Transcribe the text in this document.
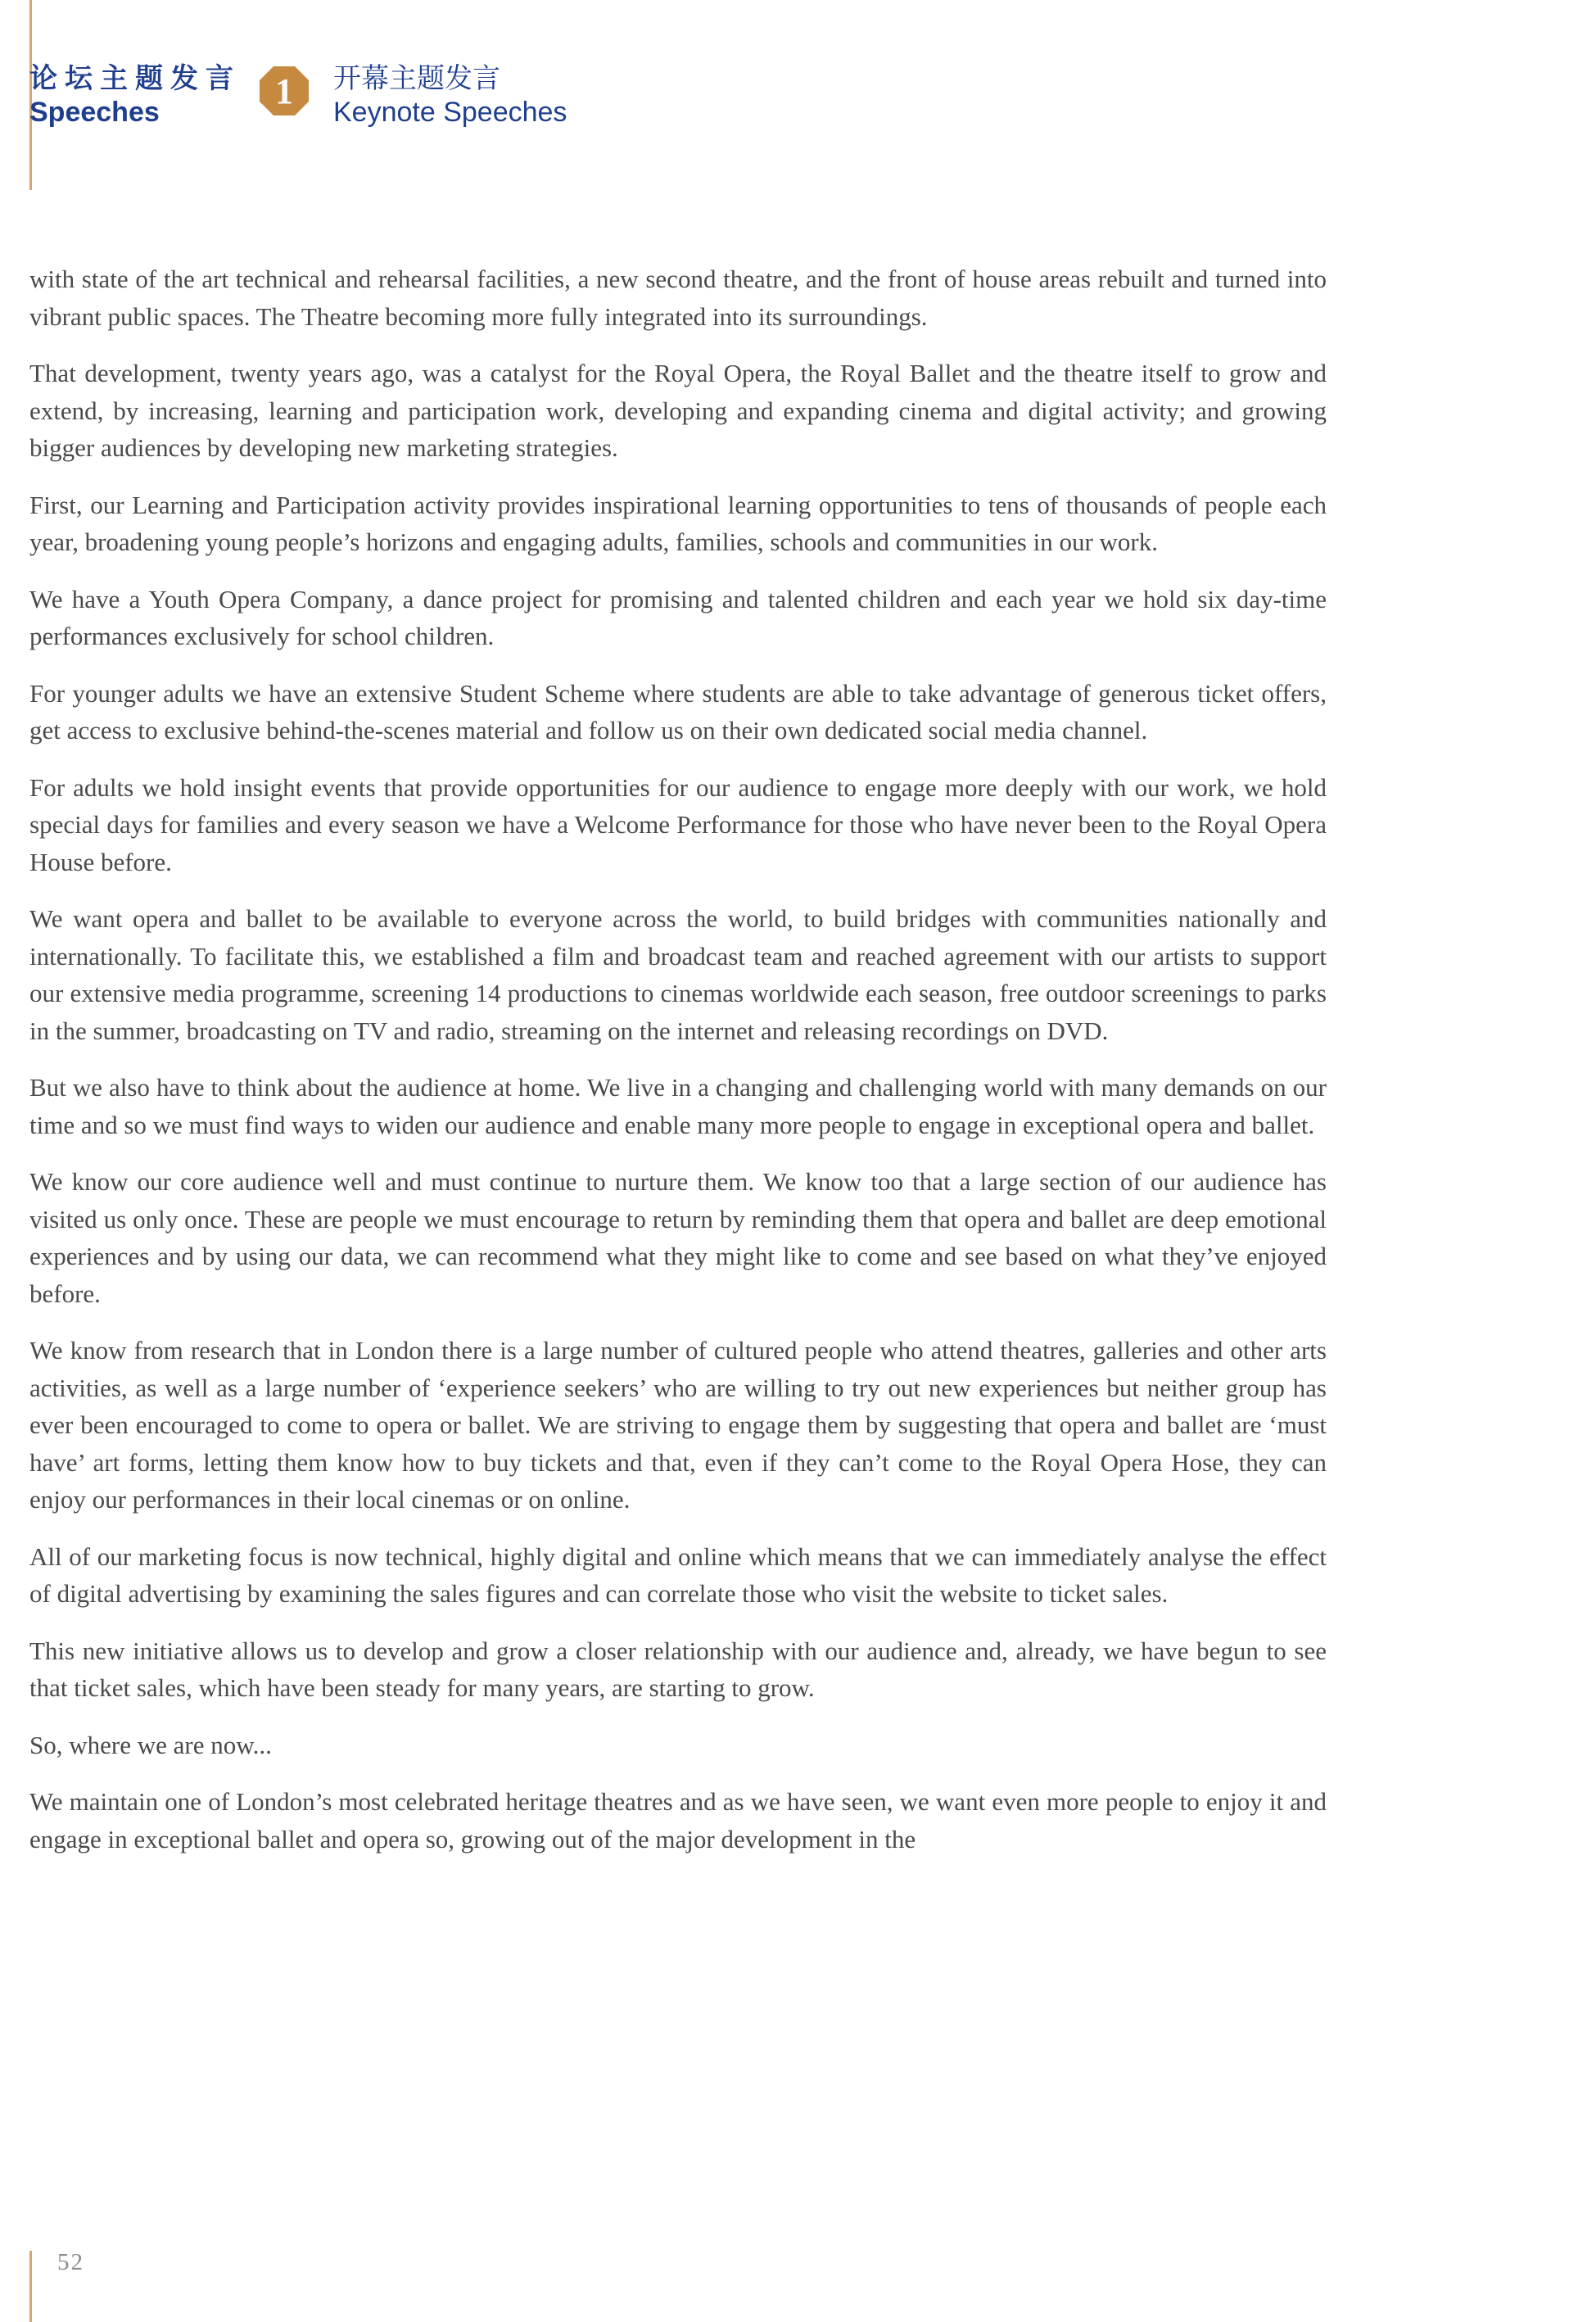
论坛主题发言
Speeches
1 开幕主题发言
Keynote Speeches

with state of the art technical and rehearsal facilities, a new second theatre, and the front of house areas rebuilt and turned into vibrant public spaces. The Theatre becoming more fully integrated into its surroundings.

That development, twenty years ago, was a catalyst for the Royal Opera, the Royal Ballet and the theatre itself to grow and extend, by increasing, learning and participation work, developing and expanding cinema and digital activity; and growing bigger audiences by developing new marketing strategies.

First, our Learning and Participation activity provides inspirational learning opportunities to tens of thousands of people each year, broadening young people’s horizons and engaging adults, families, schools and communities in our work.

We have a Youth Opera Company, a dance project for promising and talented children and each year we hold six day-time performances exclusively for school children.

For younger adults we have an extensive Student Scheme where students are able to take advantage of generous ticket offers, get access to exclusive behind-the-scenes material and follow us on their own dedicated social media channel.

For adults we hold insight events that provide opportunities for our audience to engage more deeply with our work, we hold special days for families and every season we have a Welcome Performance for those who have never been to the Royal Opera House before.

We want opera and ballet to be available to everyone across the world, to build bridges with communities nationally and internationally. To facilitate this, we established a film and broadcast team and reached agreement with our artists to support our extensive media programme, screening 14 productions to cinemas worldwide each season, free outdoor screenings to parks in the summer, broadcasting on TV and radio, streaming on the internet and releasing recordings on DVD.

But we also have to think about the audience at home. We live in a changing and challenging world with many demands on our time and so we must find ways to widen our audience and enable many more people to engage in exceptional opera and ballet.

We know our core audience well and must continue to nurture them. We know too that a large section of our audience has visited us only once. These are people we must encourage to return by reminding them that opera and ballet are deep emotional experiences and by using our data, we can recommend what they might like to come and see based on what they’ve enjoyed before.

We know from research that in London there is a large number of cultured people who attend theatres, galleries and other arts activities, as well as a large number of ‘experience seekers’ who are willing to try out new experiences but neither group has ever been encouraged to come to opera or ballet. We are striving to engage them by suggesting that opera and ballet are ‘must have’ art forms, letting them know how to buy tickets and that, even if they can’t come to the Royal Opera Hose, they can enjoy our performances in their local cinemas or on online.

All of our marketing focus is now technical, highly digital and online which means that we can immediately analyse the effect of digital advertising by examining the sales figures and can correlate those who visit the website to ticket sales.

This new initiative allows us to develop and grow a closer relationship with our audience and, already, we have begun to see that ticket sales, which have been steady for many years, are starting to grow.

So, where we are now...

We maintain one of London’s most celebrated heritage theatres and as we have seen, we want even more people to enjoy it and engage in exceptional ballet and opera so, growing out of the major development in the

52
